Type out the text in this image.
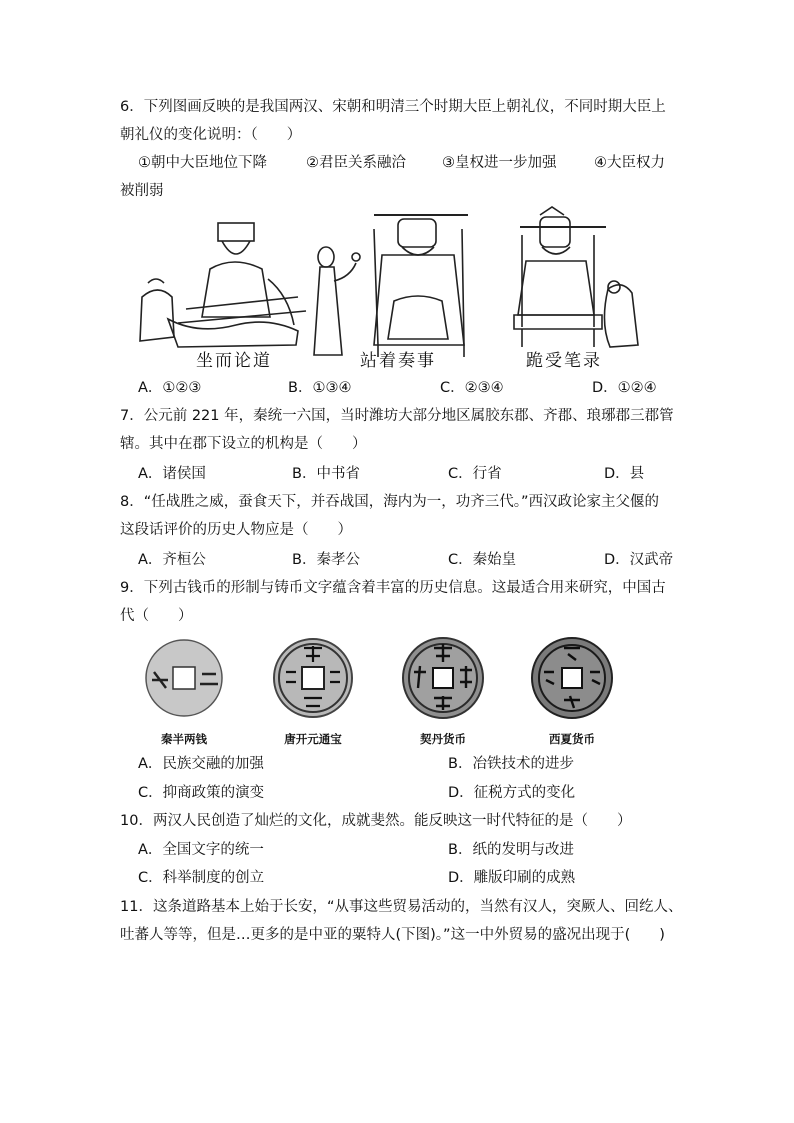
6．下列图画反映的是我国两汉、宋朝和明清三个时期大臣上朝礼仪，不同时期大臣上
朝礼仪的变化说明：（　　）
①朝中大臣地位下降	②君臣关系融洽 ③皇权进一步加强	④大臣权力
被削弱
坐而论道	站着奏事	跪受笔录
A．①②③	B．①③④	C．②③④	D．①②④
7．公元前 221 年，秦统一六国，当时潍坊大部分地区属胶东郡、齐郡、琅琊郡三郡管
辖。其中在郡下设立的机构是（　　）
A．诸侯国	B．中书省	C．行省	D．县
8．“任战胜之威，蚕食天下，并吞战国，海内为一，功齐三代。”西汉政论家主父偃的
这段话评价的历史人物应是（　　）
A．齐桓公	B．秦孝公	C．秦始皇	D．汉武帝
9．下列古钱币的形制与铸币文字蕴含着丰富的历史信息。这最适合用来研究，中国古
代（　　）
秦半两钱	唐开元通宝	契丹货币	西夏货币
A．民族交融的加强	B．冶铁技术的进步
C．抑商政策的演变	D．征税方式的变化
10．两汉人民创造了灿烂的文化，成就斐然。能反映这一时代特征的是（　　）
A．全国文字的统一	B．纸的发明与改进
C．科举制度的创立	D．雕版印刷的成熟
11．这条道路基本上始于长安，“从事这些贸易活动的，当然有汉人，突厥人、回纥人、
吐蕃人等等，但是…更多的是中亚的粟特人(下图)。”这一中外贸易的盛况出现于(　　)
